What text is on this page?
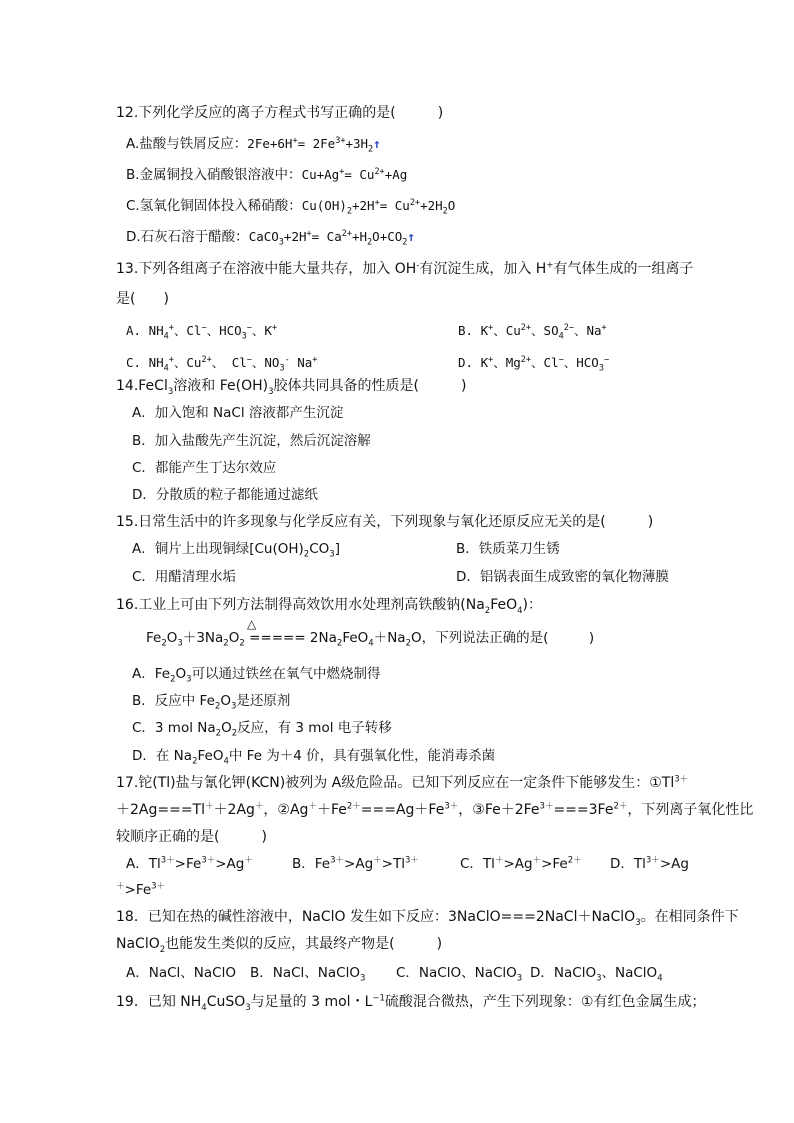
12.下列化学反应的离子方程式书写正确的是(　　　)
A.盐酸与铁屑反应：$2Fe+6H^+= 2Fe^{3+}+3H_2↑$
B.金属铜投入硝酸银溶液中：$Cu+Ag^+= Cu^{2+}+Ag$
C.氢氧化铜固体投入稀硝酸：$Cu(OH)_2+2H^+= Cu^{2+}+2H_2O$
D.石灰石溶于醋酸：CaCO$_3$+2H+= $Ca^{2+}+H_2O+CO_2↑$
13.下列各组离子在溶液中能大量共存，加入 OH-有沉淀生成，加入 H+有气体生成的一组离子
是(　　)
A. $NH_4^+$、Cl−、$HCO_3^-$、K+	B. K+、$Cu^{2+}$、$SO_4^{2-}$、Na+
C. $NH_4^+$、$Cu^{2+}$、 Cl−、$NO_3^-$ Na+	D. K+、$Mg^{2+}$、Cl−、$HCO_3^-$
14.FeCl$_3$溶液和 $Fe(OH)_3$胶体共同具备的性质是(　　　)
A．加入饱和 NaCl 溶液都产生沉淀
B．加入盐酸先产生沉淀，然后沉淀溶解
C．都能产生丁达尔效应
D．分散质的粒子都能通过滤纸
15.日常生活中的许多现象与化学反应有关，下列现象与氧化还原反应无关的是(　　　)
A．铜片上出现铜绿$[Cu(OH)_2CO_3]$	B．铁质菜刀生锈
C．用醋清理水垢	D．铝锅表面生成致密的氧化物薄膜
16.工业上可由下列方法制得高效饮用水处理剂高铁酸钠$(Na_2FeO_4)$：
△
$Fe_2O_3+3Na_2O_2$ ===== $2Na_2FeO_4+Na_2O$，下列说法正确的是(　　　)
A．$Fe_2O_3$可以通过铁丝在氧气中燃烧制得
B．反应中 $Fe_2O_3$是还原剂
C．3 mol $Na_2O_2$反应，有 3 mol 电子转移
D．在 $Na_2FeO_4$中 Fe 为＋4 价，具有强氧化性，能消毒杀菌
17.铊(Tl)盐与氰化钾(KCN)被列为 A级危险品。已知下列反应在一定条件下能够发生：$①Tl^{3+}$
＋2Ag===Tl＋＋2Ag＋，$②Ag^++Fe^{2+}===Ag+Fe^{3+}$，$③Fe+2Fe^{3+}===3Fe^{2+}$，下列离子氧化性比
较顺序正确的是(　　　)
A．$Tl^{3+}>Fe^{3+}>Ag^+$	B．$Fe^{3+}>Ag^+>Tl^{3+}$	C．$Tl^+>Ag^+>Fe^{2+}$ D．$Tl^{3+}>Ag$
$^+>Fe^{3+}$
18．已知在热的碱性溶液中，NaClO 发生如下反应：3NaClO===2NaCl＋NaClO$_3$。在相同条件下
NaClO$_2$也能发生类似的反应，其最终产物是(　　　)
A．NaCl、NaClO B．NaCl、NaClO$_3$ C．NaClO、NaClO$_3$ D．NaClO$_3$、NaClO$_4$
19．已知 $NH_4CuSO_3$与足量的 3 mol・$L^{-1}$硫酸混合微热，产生下列现象：①有红色金属生成；
